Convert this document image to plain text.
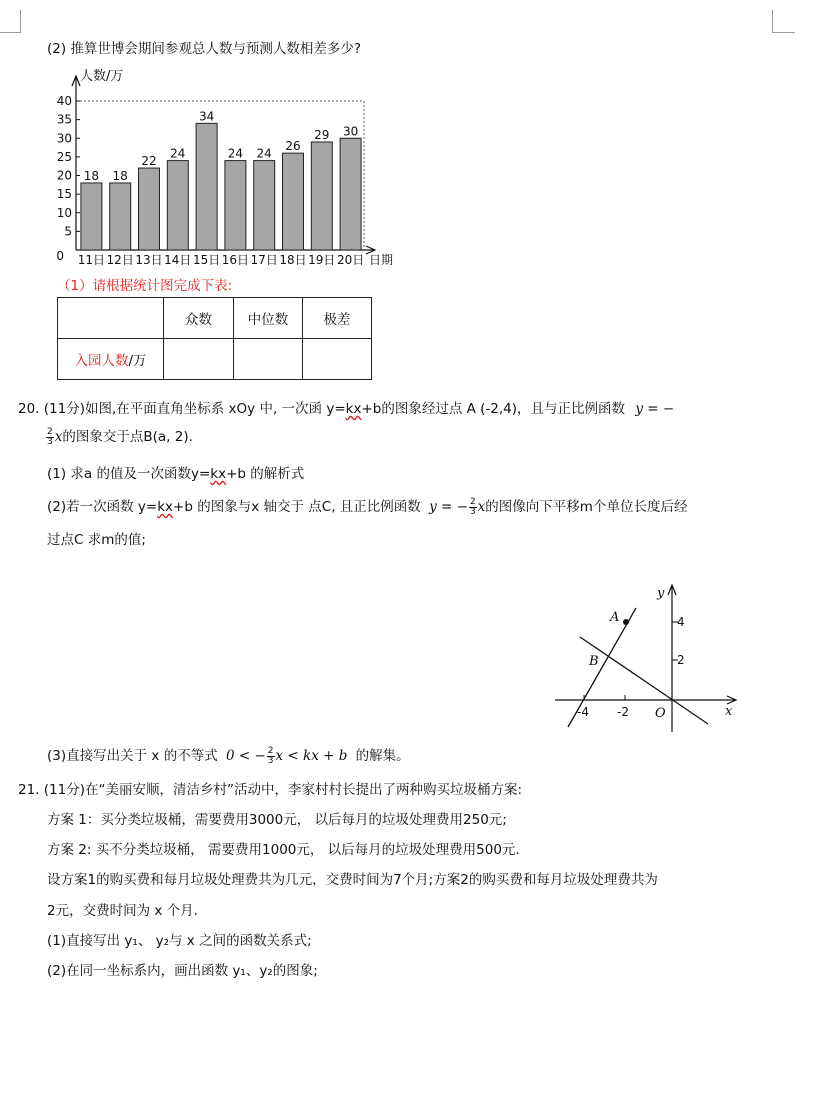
(2) 推算世博会期间参观总人数与预测人数相差多少?
人数/万
0
5
10
15
20
25
30
35
40
18
11日
18
12日
22
13日
24
14日
34
15日
24
16日
24
17日
26
18日
29
19日
30
20日 日期
（1）请根据统计图完成下表:
	众数	中位数	极差
入园人数/万			
20. (11分)如图,在平面直角坐标系 xOy 中, 一次函 y=kx+b的图象经过点 A (-2,4)，且与正比例函数 y = −
$\frac{2}{3}$ x的图象交于点B(a, 2).
(1) 求a 的值及一次函数y=kx+b 的解析式
(2)若一次函数 y=kx+b 的图象与x 轴交于 点C, 且正比例函数 y = − $\frac{2}{3}$ x的图像向下平移m个单位长度后经
过点C 求m的值;
A
B
O	x
y
-4 -2
4
2
(3)直接写出关于 x 的不等式 0 < − $\frac{2}{3}$ x < kx + b 的解集。
21. (11分)在“美丽安顺，清洁乡村”活动中，李家村村长提出了两种购买垃圾桶方案:
方案 1：买分类垃圾桶，需要费用3000元， 以后每月的垃圾处理费用250元;
方案 2: 买不分类垃圾桶， 需要费用1000元， 以后每月的垃圾处理费用500元.
设方案1的购买费和每月垃圾处理费共为几元，交费时间为7个月;方案2的购买费和每月垃圾处理费共为
2元，交费时间为 x 个月.
(1)直接写出 y₁、 y₂与 x 之间的函数关系式;
(2)在同一坐标系内，画出函数 y₁、y₂的图象;
